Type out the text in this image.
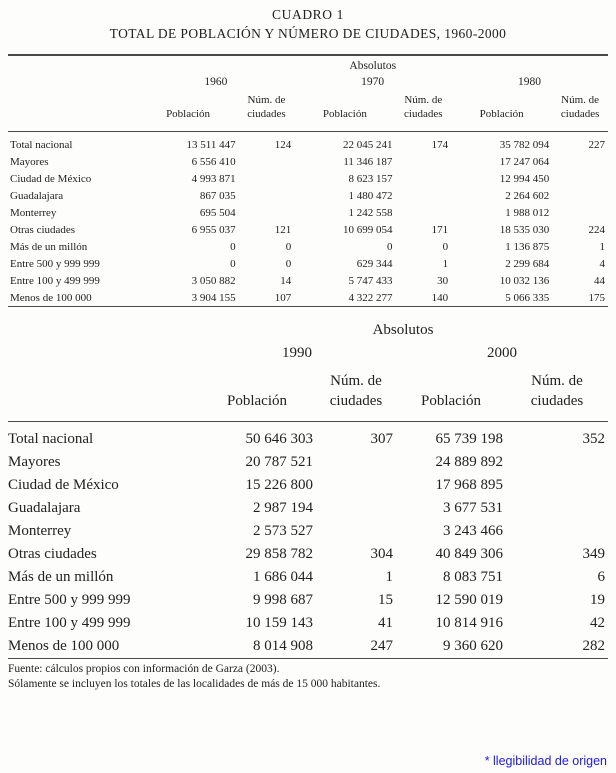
CUADRO 1
TOTAL DE POBLACIÓN Y NÚMERO DE CIUDADES, 1960-2000
	Absolutos					
	1960		1970		1980	
	Población	Núm. de ciudades	Población	Núm. de ciudades	Población	Núm. de ciudades
Total nacional	13 511 447	124	22 045 241	174	35 782 094	227
Mayores	6 556 410		11 346 187		17 247 064	
Ciudad de México	4 993 871		8 623 157		12 994 450	
Guadalajara	867 035		1 480 472		2 264 602	
Monterrey	695 504		1 242 558		1 988 012	
Otras ciudades	6 955 037	121	10 699 054	171	18 535 030	224
Más de un millón	0	0	0	0	1 136 875	1
Entre 500 y 999 999	0	0	629 344	1	2 299 684	4
Entre 100 y 499 999	3 050 882	14	5 747 433	30	10 032 136	44
Menos de 100 000	3 904 155	107	4 322 277	140	5 066 335	175
	Absolutos			
	1990		2000	
	Población	Núm. de ciudades	Población	Núm. de ciudades
Total nacional	50 646 303	307	65 739 198	352
Mayores	20 787 521		24 889 892	
Ciudad de México	15 226 800		17 968 895	
Guadalajara	2 987 194		3 677 531	
Monterrey	2 573 527		3 243 466	
Otras ciudades	29 858 782	304	40 849 306	349
Más de un millón	1 686 044	1	8 083 751	6
Entre 500 y 999 999	9 998 687	15	12 590 019	19
Entre 100 y 499 999	10 159 143	41	10 814 916	42
Menos de 100 000	8 014 908	247	9 360 620	282
Fuente: cálculos propios con información de Garza (2003).
Sólamente se incluyen los totales de las localidades de más de 15 000 habitantes.
* llegibilidad de origen
